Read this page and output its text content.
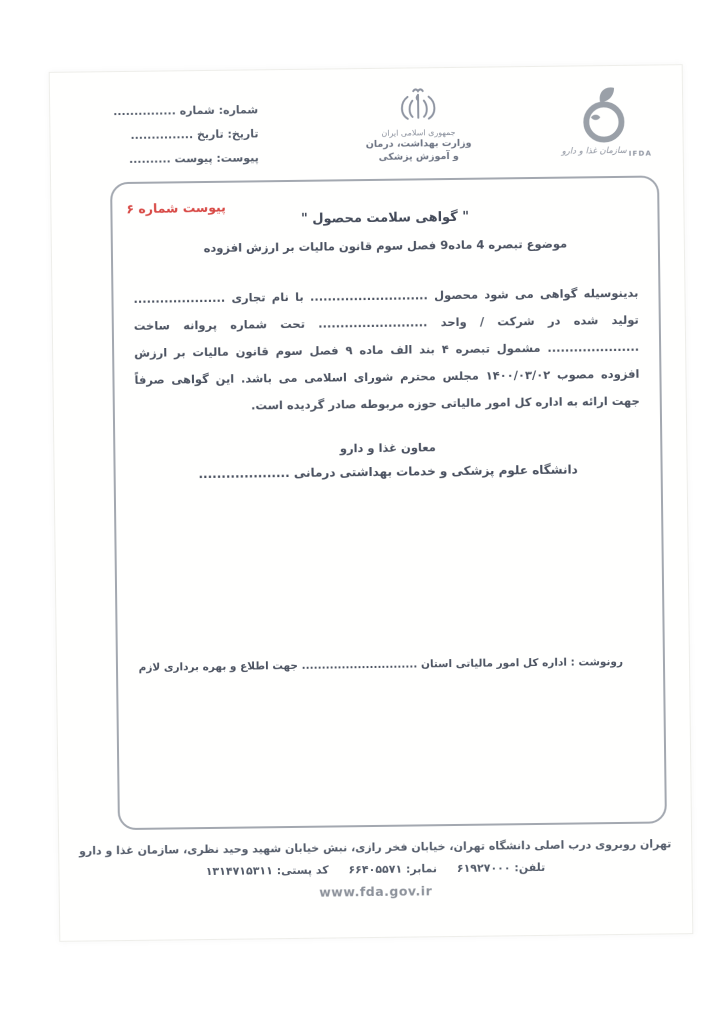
شماره: شماره ...............
تاریخ: تاریخ ...............
پیوست: پیوست ..........
جمهوری اسلامی ایران
وزارت بهداشت، درمان
و آموزش پزشکی	سازمان غذا و دارو IFDA
پیوست شماره ۶
" گواهی سلامت محصول "
موضوع تبصره 4 ماده9 فصل سوم قانون مالیات بر ارزش افزوده
بدینوسیله گواهی می شود محصول ........................... با نام تجاری ..................... تولید شده در شرکت / واحد ......................... تحت شماره پروانه ساخت ..................... مشمول تبصره ۴ بند الف ماده ۹ فصل سوم قانون مالیات بر ارزش افزوده مصوب ۱۴۰۰/۰۳/۰۲ مجلس محترم شورای اسلامی می باشد. این گواهی صرفاً جهت ارائه به اداره کل امور مالیاتی حوزه مربوطه صادر گردیده است.
معاون غذا و دارو
دانشگاه علوم پزشکی و خدمات بهداشتی درمانی ....................
رونوشت : اداره کل امور مالیاتی استان ............................. جهت اطلاع و بهره برداری لازم
تهران روبروی درب اصلی دانشگاه تهران، خیابان فخر رازی، نبش خیابان شهید وحید نظری، سازمان غذا و دارو
تلفن: ۶۱۹۲۷۰۰۰ نمابر: ۶۶۴۰۵۵۷۱ کد پستی: ۱۳۱۴۷۱۵۳۱۱
www.fda.gov.ir
